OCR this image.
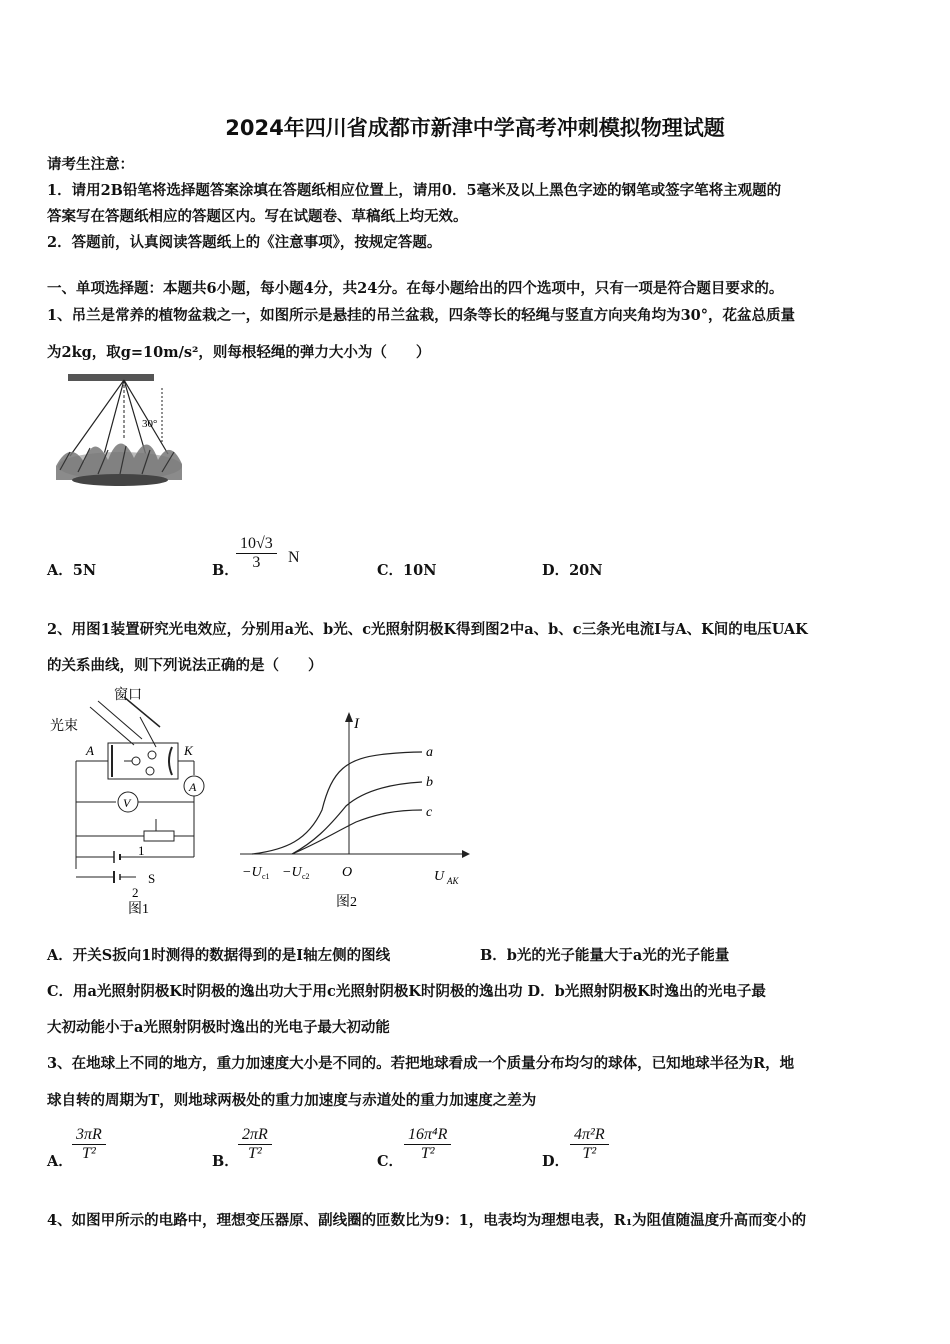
2024年四川省成都市新津中学高考冲刺模拟物理试题
请考生注意：
1．请用2B铅笔将选择题答案涂填在答题纸相应位置上，请用0．5毫米及以上黑色字迹的钢笔或签字笔将主观题的
答案写在答题纸相应的答题区内。写在试题卷、草稿纸上均无效。
2．答题前，认真阅读答题纸上的《注意事项》，按规定答题。
一、单项选择题：本题共6小题，每小题4分，共24分。在每小题给出的四个选项中，只有一项是符合题目要求的。
1、吊兰是常养的植物盆栽之一，如图所示是悬挂的吊兰盆栽，四条等长的轻绳与竖直方向夹角均为30°，花盆总质量
为2kg，取g=10m/s²，则每根轻绳的弹力大小为（　　）
30°
A．5N	B．
$\frac{10√3}{3}$ N
C．10N	D．20N
2、用图1装置研究光电效应，分别用a光、b光、c光照射阴极K得到图2中a、b、c三条光电流I与A、K间的电压UAK
的关系曲线，则下列说法正确的是（　　）
窗口
光束
A	K
A
V
1
S
2
图1
I
O	U AK
−U c1 −U c2
a
b
c
图2
A．开关S扳向1时测得的数据得到的是I轴左侧的图线	B．b光的光子能量大于a光的光子能量
C．用a光照射阴极K时阴极的逸出功大于用c光照射阴极K时阴极的逸出功 D．b光照射阴极K时逸出的光电子最
大初动能小于a光照射阴极时逸出的光电子最大初动能
3、在地球上不同的地方，重力加速度大小是不同的。若把地球看成一个质量分布均匀的球体，已知地球半径为R，地
球自转的周期为T，则地球两极处的重力加速度与赤道处的重力加速度之差为
A． $\frac{3\pi R}{\text{T²}}$	B． $\frac{2\pi R}{\text{T²}}$	C． $\frac{\text{16π⁴R}}{\text{T²}}$	D． $\frac{\text{4π²R}}{\text{T²}}$
4、如图甲所示的电路中，理想变压器原、副线圈的匝数比为9：1，电表均为理想电表，R₁为阻值随温度升高而变小的
